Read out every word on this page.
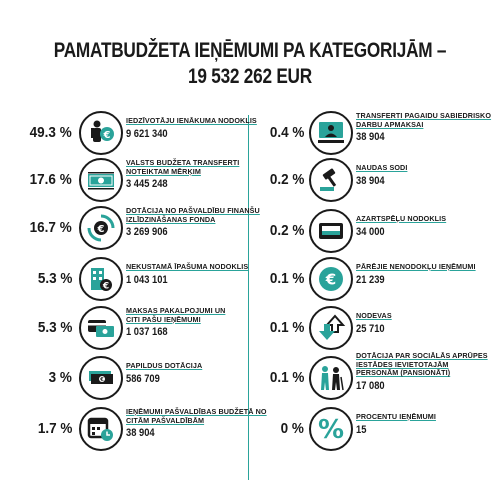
PAMATBUDŽETA IEŅĒMUMI PA KATEGORIJĀM –
19 532 262 EUR
49.3 %	€
IEDZĪVOTĀJU IENĀKUMA NODOKLIS
9 621 340
17.6 %
VALSTS BUDŽETA TRANSFERTI
NOTEIKTAM MĒRĶIM
3 445 248
16.7 %	€
DOTĀCIJA NO PAŠVALDĪBU FINANŠU
IZLĪDZINĀŠANAS FONDA
3 269 906
5.3 %	€
NEKUSTAMĀ ĪPAŠUMA NODOKLIS
1 043 101
5.3 %
MAKSAS PAKALPOJUMI UN
CITI PAŠU IEŅĒMUMI
1 037 168
3 %	€
PAPILDUS DOTĀCIJA
586 709
1.7 %
IEŅĒMUMI PAŠVALDĪBAS BUDŽETĀ NO
CITĀM PAŠVALDĪBĀM
38 904
0.4 %
TRANSFERTI PAGAIDU SABIEDRISKO
DARBU APMAKSAI
38 904
0.2 %
NAUDAS SODI
38 904
0.2 %
AZARTSPĒĻU NODOKLIS
34 000
0.1 % €
PĀRĒJIE NENODOKĻU IEŅĒMUMI
21 239
0.1 %
NODEVAS
25 710
0.1 %
DOTĀCIJA PAR SOCIĀLĀS APRŪPES
IESTĀDES IEVIETOTAJĀM
PERSONĀM (PANSIONĀTI)
17 080
0 % % PROCENTU IEŅĒMUMI
15
